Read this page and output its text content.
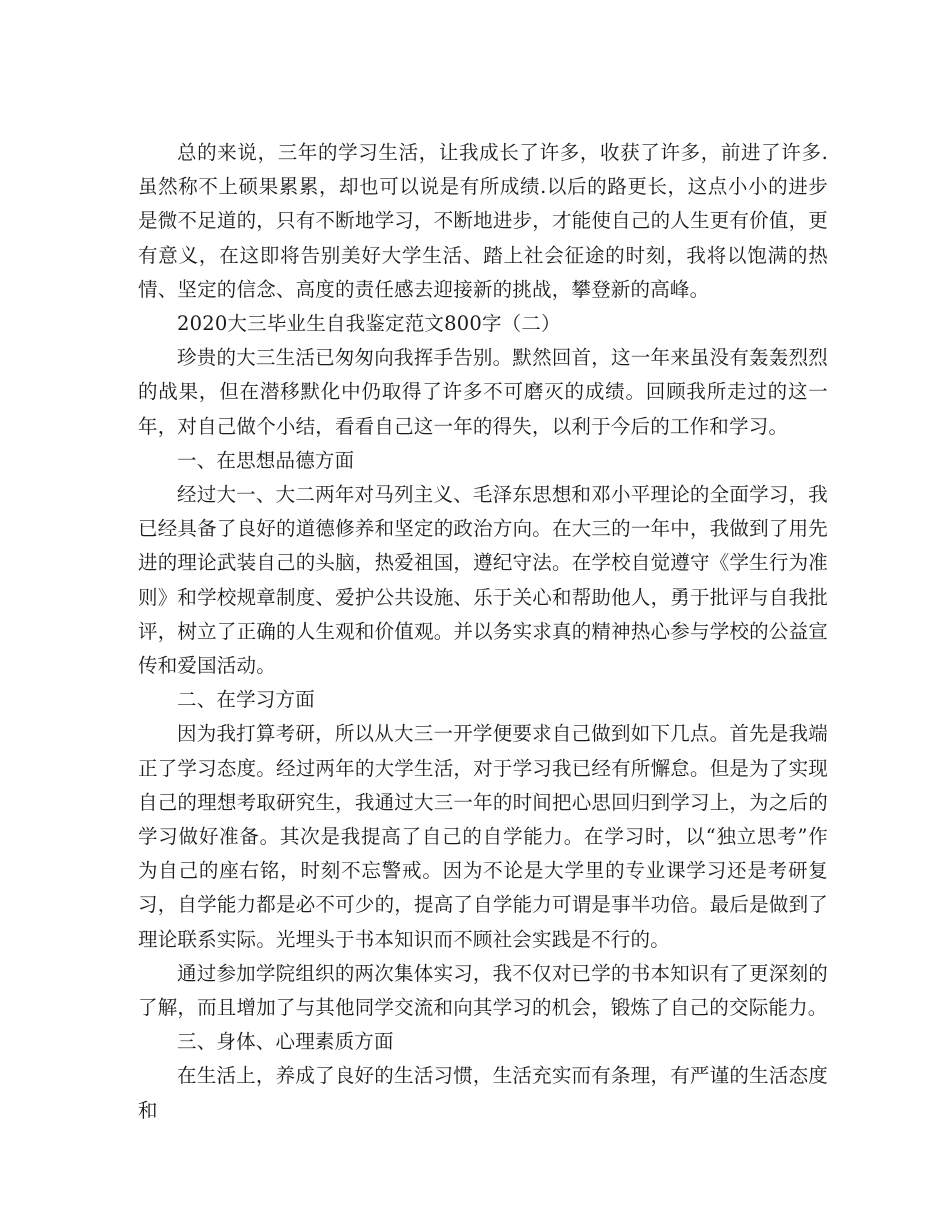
总的来说，三年的学习生活，让我成长了许多，收获了许多，前进了许多.虽然称不上硕果累累，却也可以说是有所成绩.以后的路更长，这点小小的进步是微不足道的，只有不断地学习，不断地进步，才能使自己的人生更有价值，更有意义，在这即将告别美好大学生活、踏上社会征途的时刻，我将以饱满的热情、坚定的信念、高度的责任感去迎接新的挑战，攀登新的高峰。

2020大三毕业生自我鉴定范文800字（二）

珍贵的大三生活已匆匆向我挥手告别。默然回首，这一年来虽没有轰轰烈烈的战果，但在潜移默化中仍取得了许多不可磨灭的成绩。回顾我所走过的这一年，对自己做个小结，看看自己这一年的得失，以利于今后的工作和学习。

一、在思想品德方面

经过大一、大二两年对马列主义、毛泽东思想和邓小平理论的全面学习，我已经具备了良好的道德修养和坚定的政治方向。在大三的一年中，我做到了用先进的理论武装自己的头脑，热爱祖国，遵纪守法。在学校自觉遵守《学生行为准则》和学校规章制度、爱护公共设施、乐于关心和帮助他人，勇于批评与自我批评，树立了正确的人生观和价值观。并以务实求真的精神热心参与学校的公益宣传和爱国活动。

二、在学习方面

因为我打算考研，所以从大三一开学便要求自己做到如下几点。首先是我端正了学习态度。经过两年的大学生活，对于学习我已经有所懈怠。但是为了实现自己的理想考取研究生，我通过大三一年的时间把心思回归到学习上，为之后的学习做好准备。其次是我提高了自己的自学能力。在学习时，以“独立思考”作为自己的座右铭，时刻不忘警戒。因为不论是大学里的专业课学习还是考研复习，自学能力都是必不可少的，提高了自学能力可谓是事半功倍。最后是做到了理论联系实际。光埋头于书本知识而不顾社会实践是不行的。

通过参加学院组织的两次集体实习，我不仅对已学的书本知识有了更深刻的了解，而且增加了与其他同学交流和向其学习的机会，锻炼了自己的交际能力。

三、身体、心理素质方面

在生活上，养成了良好的生活习惯，生活充实而有条理，有严谨的生活态度和
